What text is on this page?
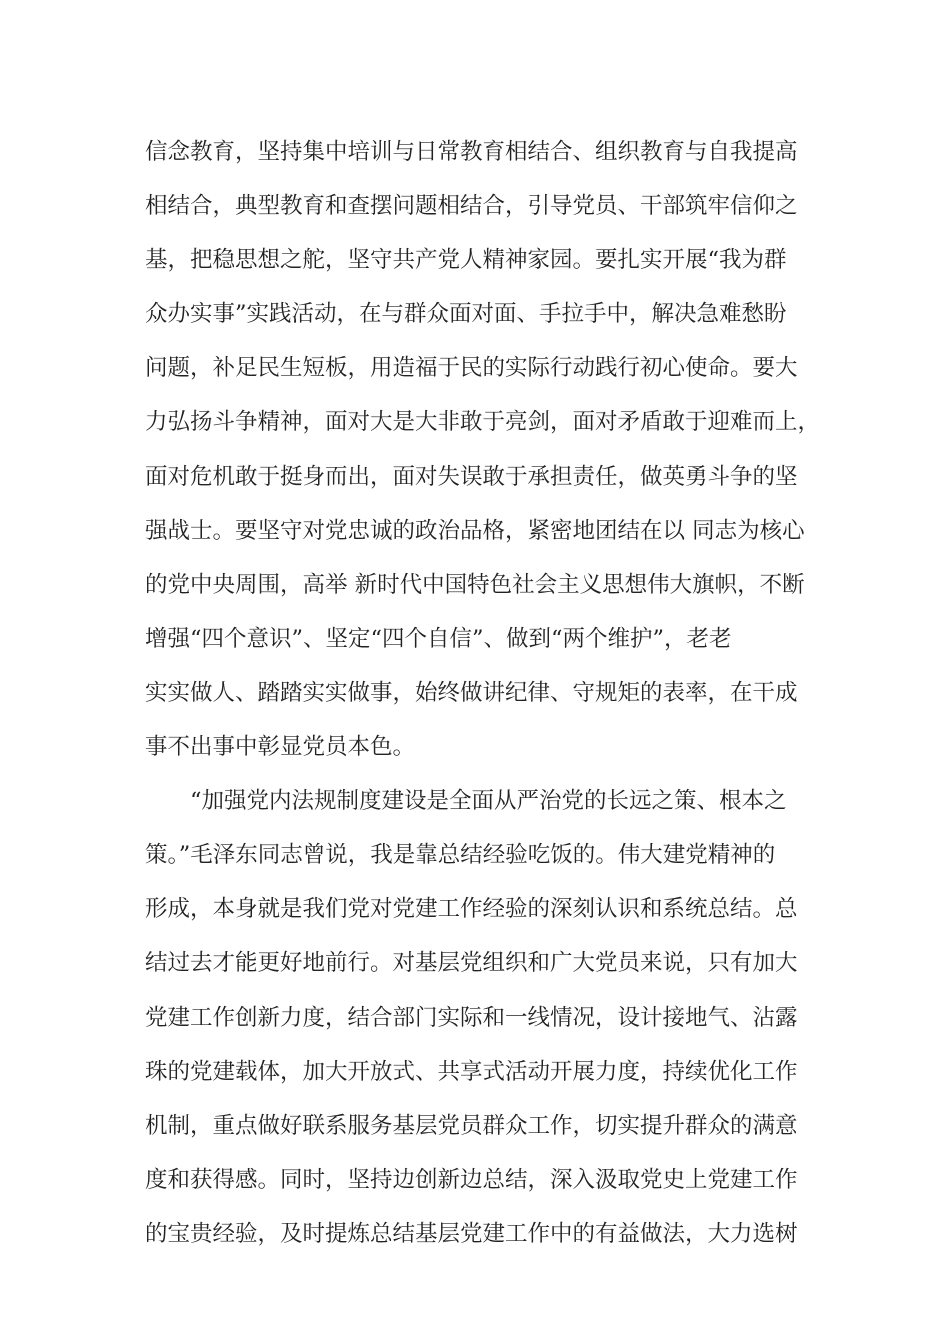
信念教育，坚持集中培训与日常教育相结合、组织教育与自我提高
相结合，典型教育和查摆问题相结合，引导党员、干部筑牢信仰之
基，把稳思想之舵，坚守共产党人精神家园。要扎实开展“我为群
众办实事”实践活动，在与群众面对面、手拉手中，解决急难愁盼
问题，补足民生短板，用造福于民的实际行动践行初心使命。要大
力弘扬斗争精神，面对大是大非敢于亮剑，面对矛盾敢于迎难而上，
面对危机敢于挺身而出，面对失误敢于承担责任，做英勇斗争的坚
强战士。要坚守对党忠诚的政治品格，紧密地团结在以 同志为核心
的党中央周围，高举 新时代中国特色社会主义思想伟大旗帜，不断
增强“四个意识”、坚定“四个自信”、做到“两个维护”，老老
实实做人、踏踏实实做事，始终做讲纪律、守规矩的表率，在干成
事不出事中彰显党员本色。
　　“加强党内法规制度建设是全面从严治党的长远之策、根本之
策。”毛泽东同志曾说，我是靠总结经验吃饭的。伟大建党精神的
形成，本身就是我们党对党建工作经验的深刻认识和系统总结。总
结过去才能更好地前行。对基层党组织和广大党员来说，只有加大
党建工作创新力度，结合部门实际和一线情况，设计接地气、沾露
珠的党建载体，加大开放式、共享式活动开展力度，持续优化工作
机制，重点做好联系服务基层党员群众工作，切实提升群众的满意
度和获得感。同时，坚持边创新边总结，深入汲取党史上党建工作
的宝贵经验，及时提炼总结基层党建工作中的有益做法，大力选树
